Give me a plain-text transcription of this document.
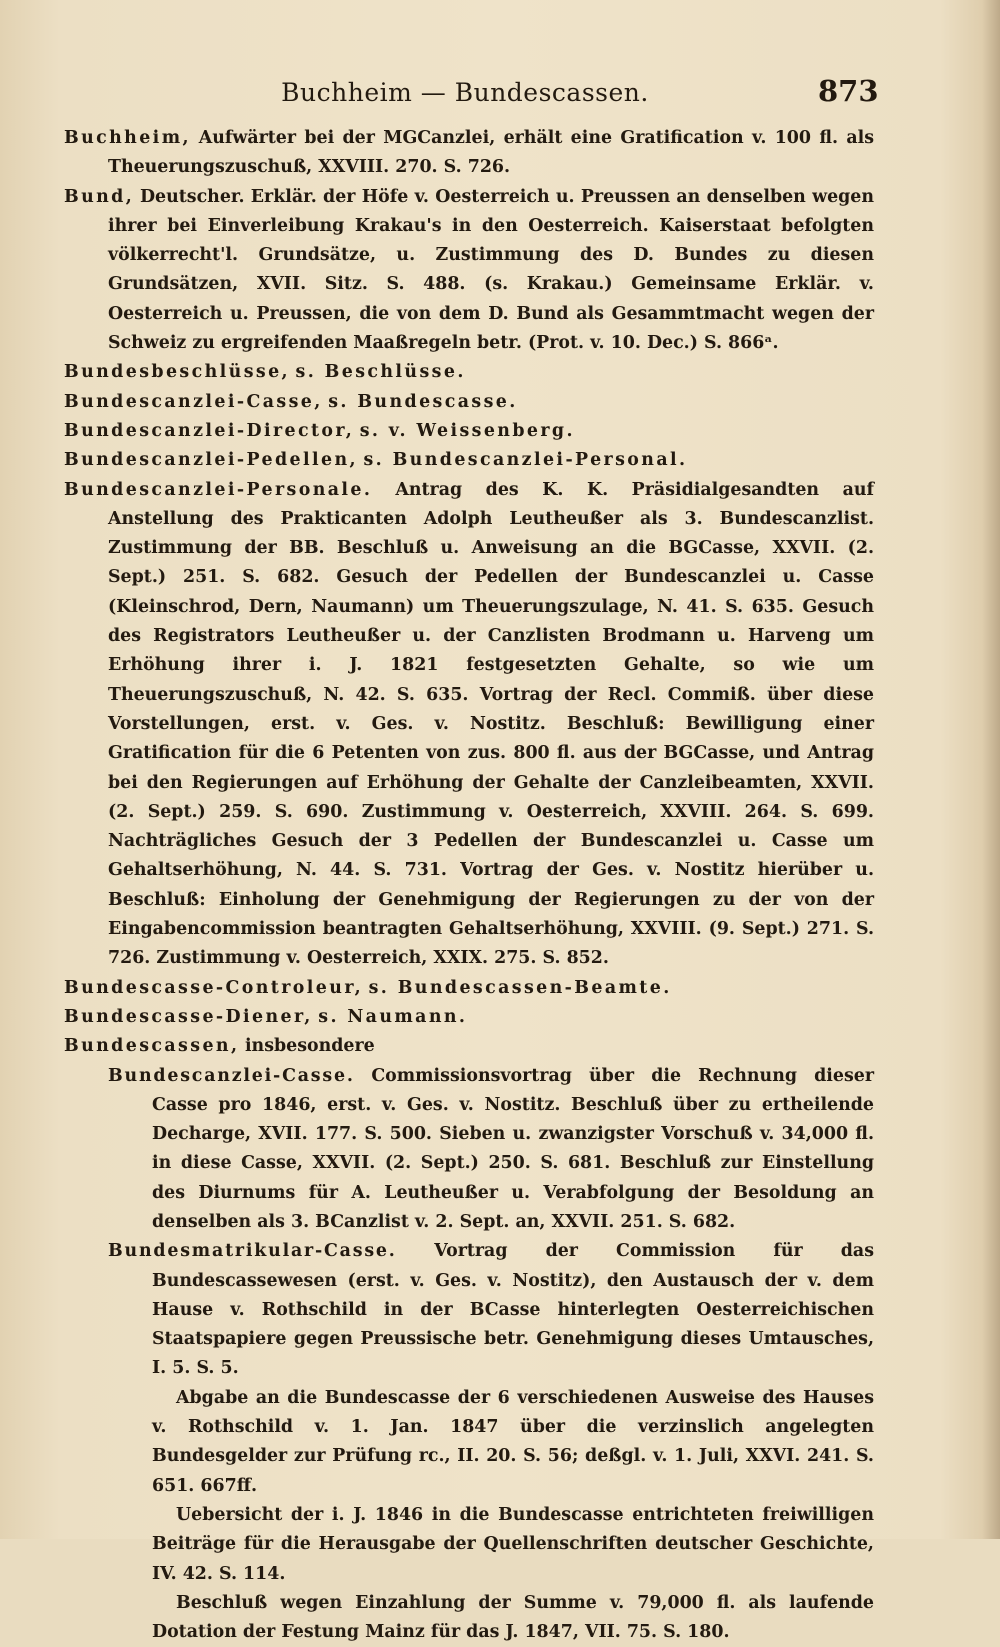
Buchheim — Bundescassen.	873

Buchheim, Aufwärter bei der MGCanzlei, erhält eine Gratification v. 100 fl. als Theuerungszuschuß, XXVIII. 270. S. 726.

Bund, Deutscher. Erklär. der Höfe v. Oesterreich u. Preussen an denselben wegen ihrer bei Einverleibung Krakau's in den Oesterreich. Kaiserstaat befolgten völkerrecht'l. Grundsätze, u. Zustimmung des D. Bundes zu diesen Grundsätzen, XVII. Sitz. S. 488. (s. Krakau.) Gemeinsame Erklär. v. Oesterreich u. Preussen, die von dem D. Bund als Gesammtmacht wegen der Schweiz zu ergreifenden Maaßregeln betr. (Prot. v. 10. Dec.) S. 866ᵃ.

Bundesbeschlüsse, s. Beschlüsse.

Bundescanzlei-Casse, s. Bundescasse.

Bundescanzlei-Director, s. v. Weissenberg.

Bundescanzlei-Pedellen, s. Bundescanzlei-Personal.

Bundescanzlei-Personale. Antrag des K. K. Präsidialgesandten auf Anstellung des Prakticanten Adolph Leutheußer als 3. Bundescanzlist. Zustimmung der BB. Beschluß u. Anweisung an die BGCasse, XXVII. (2. Sept.) 251. S. 682. Gesuch der Pedellen der Bundescanzlei u. Casse (Kleinschrod, Dern, Naumann) um Theuerungszulage, N. 41. S. 635. Gesuch des Registrators Leutheußer u. der Canzlisten Brodmann u. Harveng um Erhöhung ihrer i. J. 1821 festgesetzten Gehalte, so wie um Theuerungszuschuß, N. 42. S. 635. Vortrag der Recl. Commiß. über diese Vorstellungen, erst. v. Ges. v. Nostitz. Beschluß: Bewilligung einer Gratification für die 6 Petenten von zus. 800 fl. aus der BGCasse, und Antrag bei den Regierungen auf Erhöhung der Gehalte der Canzleibeamten, XXVII. (2. Sept.) 259. S. 690. Zustimmung v. Oesterreich, XXVIII. 264. S. 699. Nachträgliches Gesuch der 3 Pedellen der Bundescanzlei u. Casse um Gehaltserhöhung, N. 44. S. 731. Vortrag der Ges. v. Nostitz hierüber u. Beschluß: Einholung der Genehmigung der Regierungen zu der von der Eingabencommission beantragten Gehaltserhöhung, XXVIII. (9. Sept.) 271. S. 726. Zustimmung v. Oesterreich, XXIX. 275. S. 852.

Bundescasse-Controleur, s. Bundescassen-Beamte.

Bundescasse-Diener, s. Naumann.

Bundescassen, insbesondere

Bundescanzlei-Casse. Commissionsvortrag über die Rechnung dieser Casse pro 1846, erst. v. Ges. v. Nostitz. Beschluß über zu ertheilende Decharge, XVII. 177. S. 500. Sieben u. zwanzigster Vorschuß v. 34,000 fl. in diese Casse, XXVII. (2. Sept.) 250. S. 681. Beschluß zur Einstellung des Diurnums für A. Leutheußer u. Verabfolgung der Besoldung an denselben als 3. BCanzlist v. 2. Sept. an, XXVII. 251. S. 682.

Bundesmatrikular-Casse. Vortrag der Commission für das Bundescassewesen (erst. v. Ges. v. Nostitz), den Austausch der v. dem Hause v. Rothschild in der BCasse hinterlegten Oesterreichischen Staatspapiere gegen Preussische betr. Genehmigung dieses Umtausches, I. 5. S. 5.

Abgabe an die Bundescasse der 6 verschiedenen Ausweise des Hauses v. Rothschild v. 1. Jan. 1847 über die verzinslich angelegten Bundesgelder zur Prüfung rc., II. 20. S. 56; deßgl. v. 1. Juli, XXVI. 241. S. 651. 667ff.

Uebersicht der i. J. 1846 in die Bundescasse entrichteten freiwilligen Beiträge für die Herausgabe der Quellenschriften deutscher Geschichte, IV. 42. S. 114.

Beschluß wegen Einzahlung der Summe v. 79,000 fl. als laufende Dotation der Festung Mainz für das J. 1847, VII. 75. S. 180.
